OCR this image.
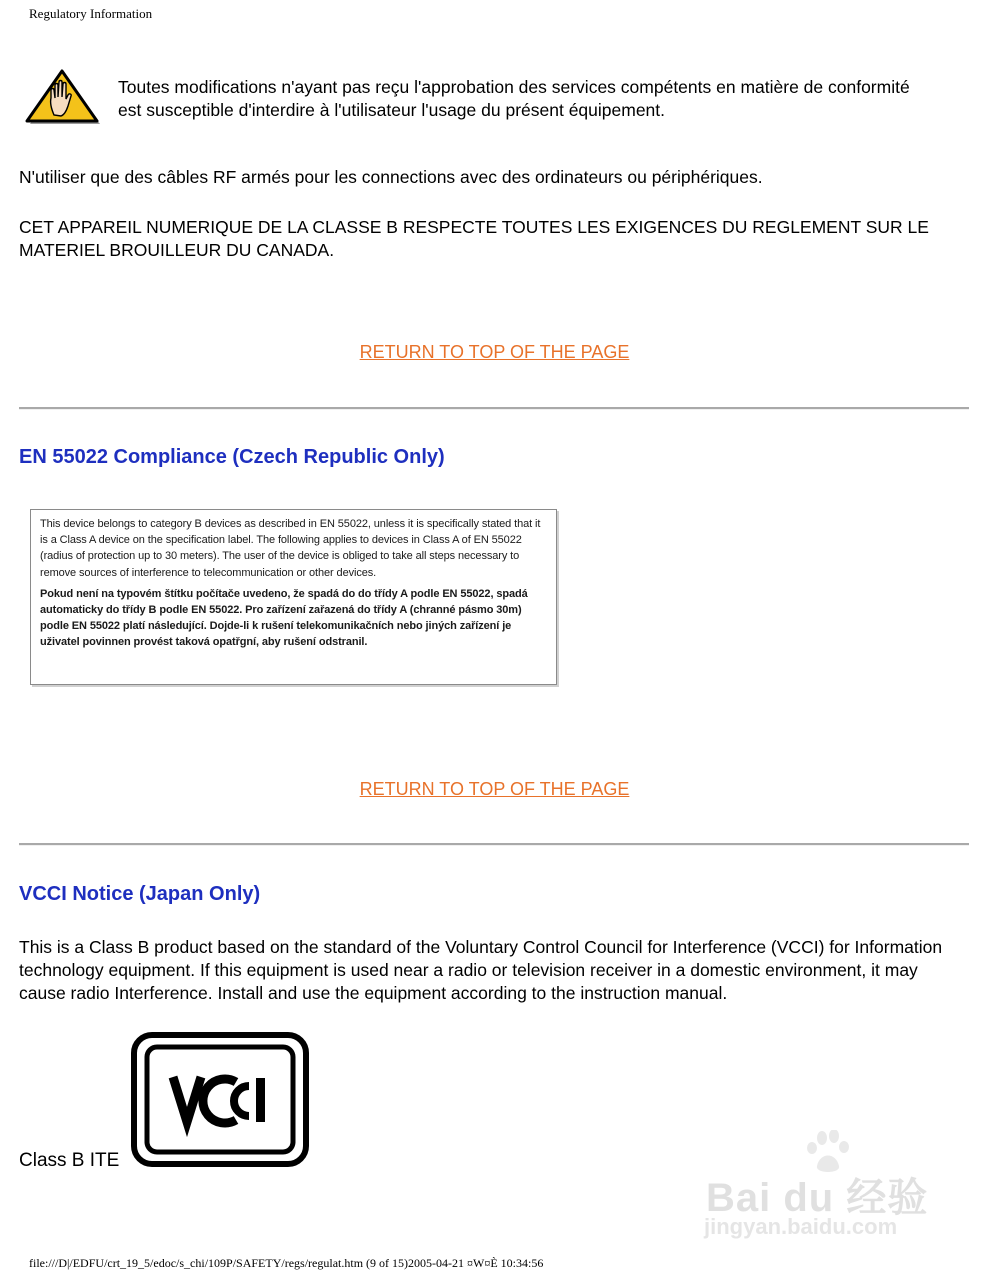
Regulatory Information
Toutes modifications n'ayant pas reçu l'approbation des services compétents en matière de conformité est susceptible d'interdire à l'utilisateur l'usage du présent équipement.
N'utiliser que des câbles RF armés pour les connections avec des ordinateurs ou périphériques.
CET APPAREIL NUMERIQUE DE LA CLASSE B RESPECTE TOUTES LES EXIGENCES DU REGLEMENT SUR LE MATERIEL BROUILLEUR DU CANADA.
RETURN TO TOP OF THE PAGE
EN 55022 Compliance (Czech Republic Only)
This device belongs to category B devices as described in EN 55022, unless it is specifically stated that it is a Class A device on the specification label. The following applies to devices in Class A of EN 55022 (radius of protection up to 30 meters). The user of the device is obliged to take all steps necessary to remove sources of interference to telecommunication or other devices.
Pokud není na typovém štítku počítače uvedeno, že spadá do do třídy A podle EN 55022, spadá automaticky do třídy B podle EN 55022. Pro zařízení zařazená do třídy A (chranné pásmo 30m) podle EN 55022 platí následující. Dojde-li k rušení telekomunikačních nebo jiných zařízení je uživatel povinnen provést taková opatřgní, aby rušení odstranil.
RETURN TO TOP OF THE PAGE
VCCI Notice (Japan Only)
This is a Class B product based on the standard of the Voluntary Control Council for Interference (VCCI) for Information technology equipment. If this equipment is used near a radio or television receiver in a domestic environment, it may cause radio Interference. Install and use the equipment according to the instruction manual.
Class B ITE
Bai du 经验
jingyan.baidu.com
file:///D|/EDFU/crt_19_5/edoc/s_chi/109P/SAFETY/regs/regulat.htm (9 of 15)2005-04-21 ¤W¤È 10:34:56
